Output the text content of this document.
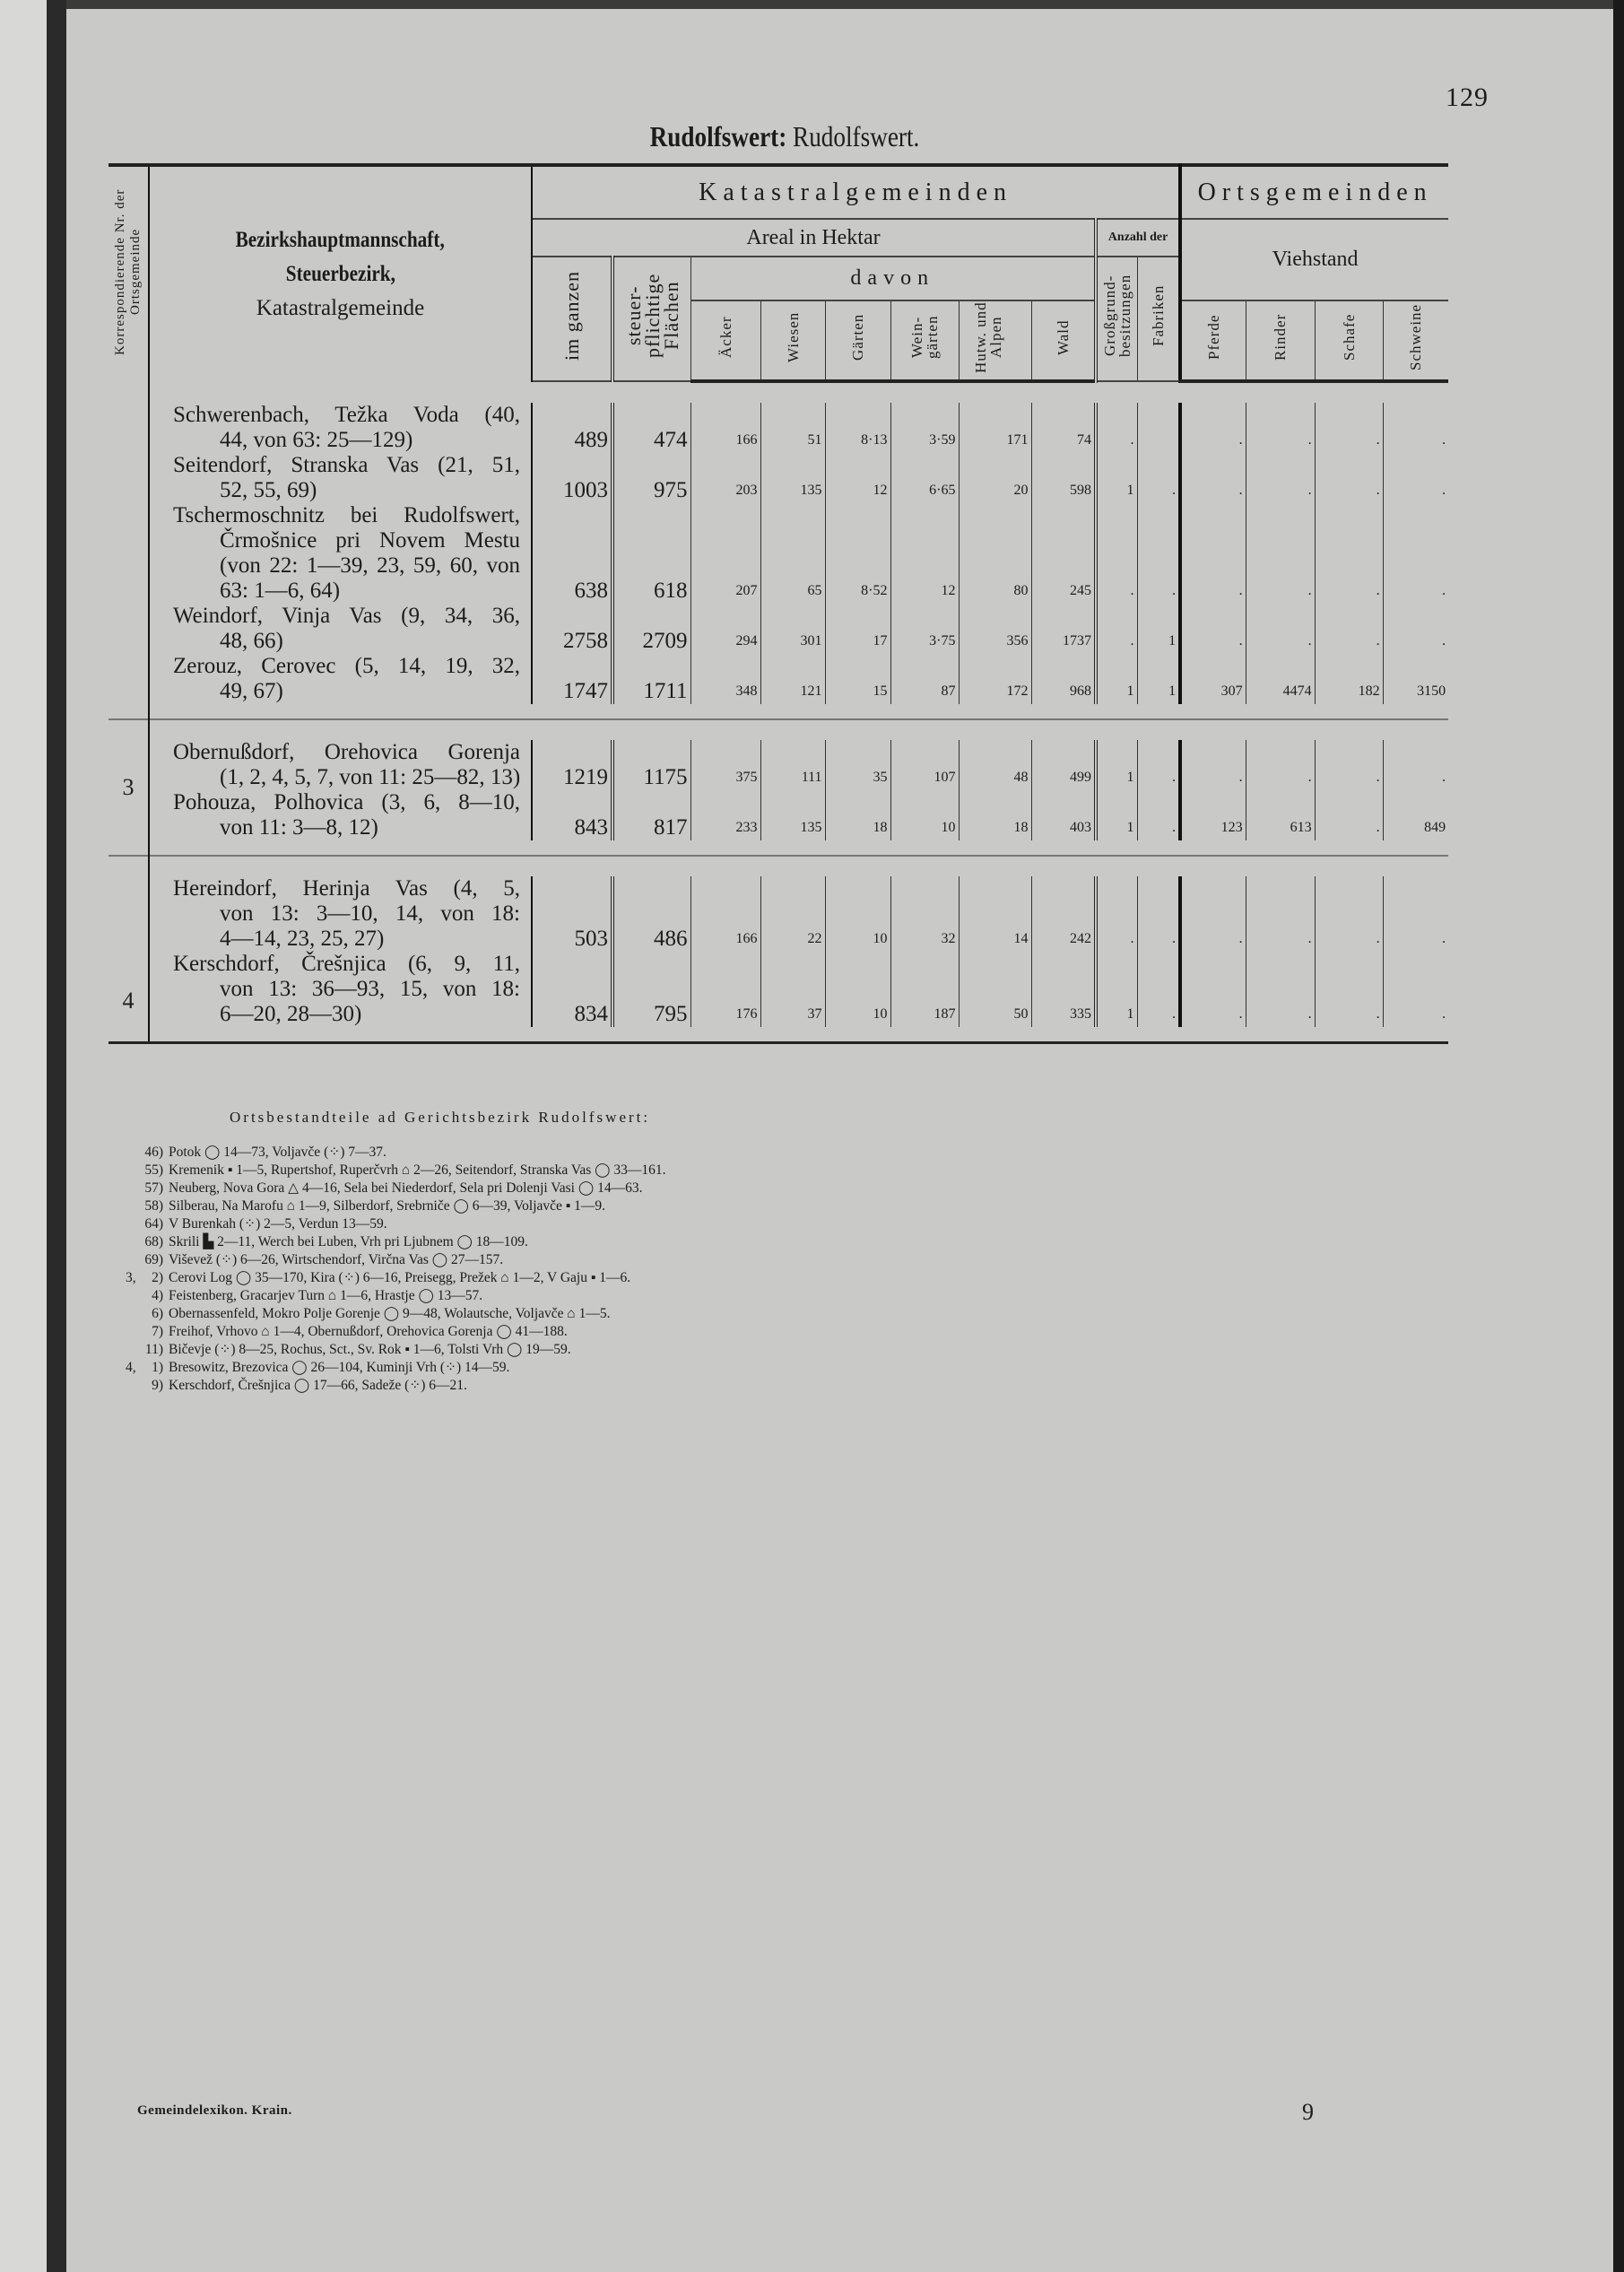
129
Rudolfswert: Rudolfswert.
Korrespondierende Nr. der Ortsgemeinde	Bezirkshauptmannschaft,
Steuerbezirk,
Katastralgemeinde	Katastralgemeinden										Ortsgemeinden			
		Areal in Hektar								Anzahl der		Viehstand			
		im ganzen	steuer-pflichtige Flächen	davon						Großgrund-besitzungen	Fabriken				
				Äcker	Wiesen	Gärten	Wein-gärten	Hutw. und Alpen	Wald			Pferde	Rinder	Schafe	Schweine

	Schwerenbach, Težka Voda (40,
44, von 63: 25—129)	489	474	166	51	8·13	3·59	171	74	.		.	.	.	.

	Seitendorf, Stranska Vas (21, 51,
52, 55, 69)	1003	975	203	135	12	6·65	20	598	1	.	.	.	.	.

	Tschermoschnitz bei Rudolfswert,
Črmošnice pri Novem Mestu
(von 22: 1—39, 23, 59, 60, von
63: 1—6, 64)	638	618	207	65	8·52	12	80	245	.	.	.	.	.	.

	Weindorf, Vinja Vas (9, 34, 36,
48, 66)	2758	2709	294	301	17	3·75	356	1737	.	1	.	.	.	.

	Zerouz, Cerovec (5, 14, 19, 32,
49, 67)	1747	1711	348	121	15	87	172	968	1	1	307	4474	182	3150

3															

	Obernußdorf, Orehovica Gorenja
(1, 2, 4, 5, 7, von 11: 25—82, 13)	1219	1175	375	111	35	107	48	499	1	.	.	.	.	.

	Pohouza, Polhovica (3, 6, 8—10,
von 11: 3—8, 12)	843	817	233	135	18	10	18	403	1	.	123	613	.	849

4															

	Hereindorf, Herinja Vas (4, 5,
von 13: 3—10, 14, von 18:
4—14, 23, 25, 27)	503	486	166	22	10	32	14	242	.	.	.	.	.	.

	Kerschdorf, Črešnjica (6, 9, 11,
von 13: 36—93, 15, von 18:
6—20, 28—30)	834	795	176	37	10	187	50	335	1	.	.	.	.	.

Ortsbestandteile ad Gerichtsbezirk Rudolfswert:
46) Potok ◯ 14—73, Voljavče (⁘) 7—37.
55) Kremenik ▪ 1—5, Rupertshof, Ruperčvrh ⌂ 2—26, Seitendorf, Stranska Vas ◯ 33—161.
57) Neuberg, Nova Gora △ 4—16, Sela bei Niederdorf, Sela pri Dolenji Vasi ◯ 14—63.
58) Silberau, Na Marofu ⌂ 1—9, Silberdorf, Srebrniče ◯ 6—39, Voljavče ▪ 1—9.
64) V Burenkah (⁘) 2—5, Verdun 13—59.
68) Skrili ▙ 2—11, Werch bei Luben, Vrh pri Ljubnem ◯ 18—109.
69) Viševež (⁘) 6—26, Wirtschendorf, Virčna Vas ◯ 27—157.
3,	2) Cerovi Log ◯ 35—170, Kira (⁘) 6—16, Preisegg, Prežek ⌂ 1—2, V Gaju ▪ 1—6.
4) Feistenberg, Gracarjev Turn ⌂ 1—6, Hrastje ◯ 13—57.
6) Obernassenfeld, Mokro Polje Gorenje ◯ 9—48, Wolautsche, Voljavče ⌂ 1—5.
7) Freihof, Vrhovo ⌂ 1—4, Obernußdorf, Orehovica Gorenja ◯ 41—188.
11) Bičevje (⁘) 8—25, Rochus, Sct., Sv. Rok ▪ 1—6, Tolsti Vrh ◯ 19—59.
4,	1) Bresowitz, Brezovica ◯ 26—104, Kuminji Vrh (⁘) 14—59.
9) Kerschdorf, Črešnjica ◯ 17—66, Sadeže (⁘) 6—21.
Gemeindelexikon. Krain.	9
